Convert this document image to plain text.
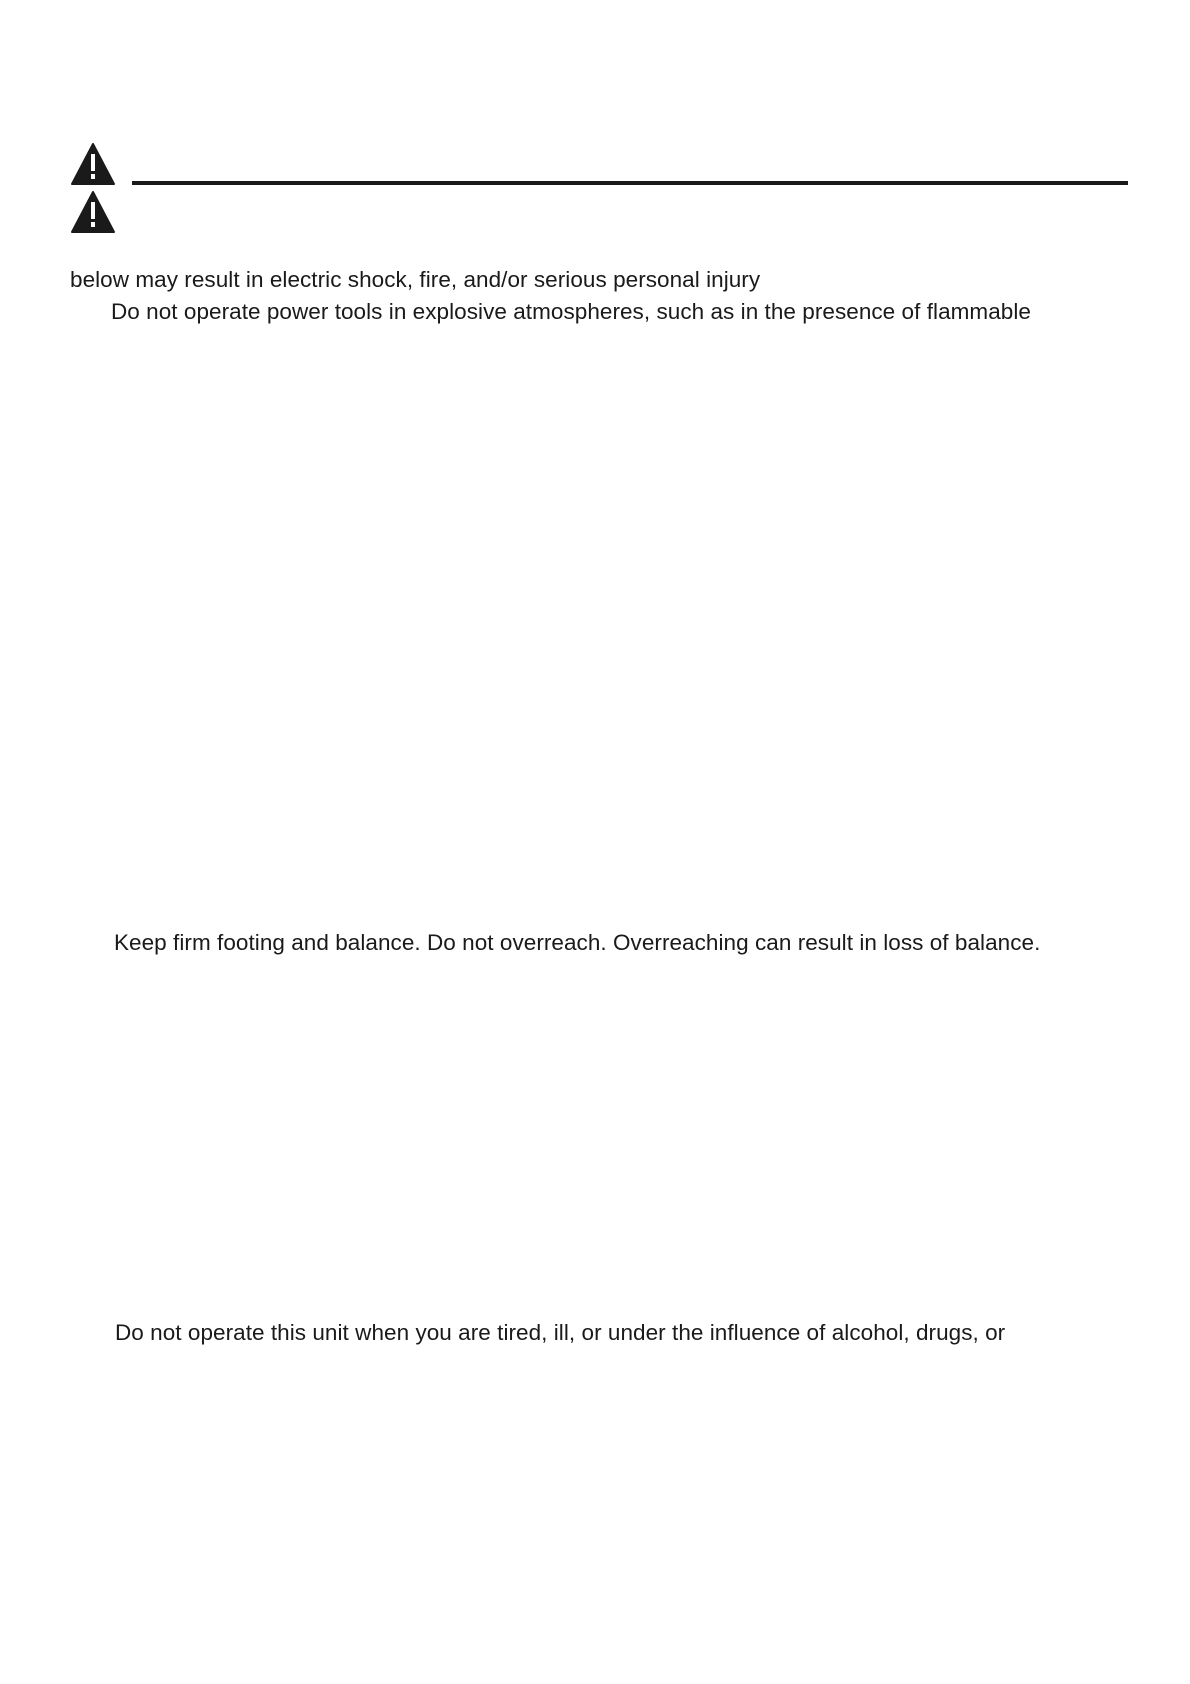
below may result in electric shock, fire, and/or serious personal injury
Do not operate power tools in explosive atmospheres, such as in the presence of flammable
Keep firm footing and balance. Do not overreach. Overreaching can result in loss of balance.
Do not operate this unit when you are tired, ill, or under the influence of alcohol, drugs, or
